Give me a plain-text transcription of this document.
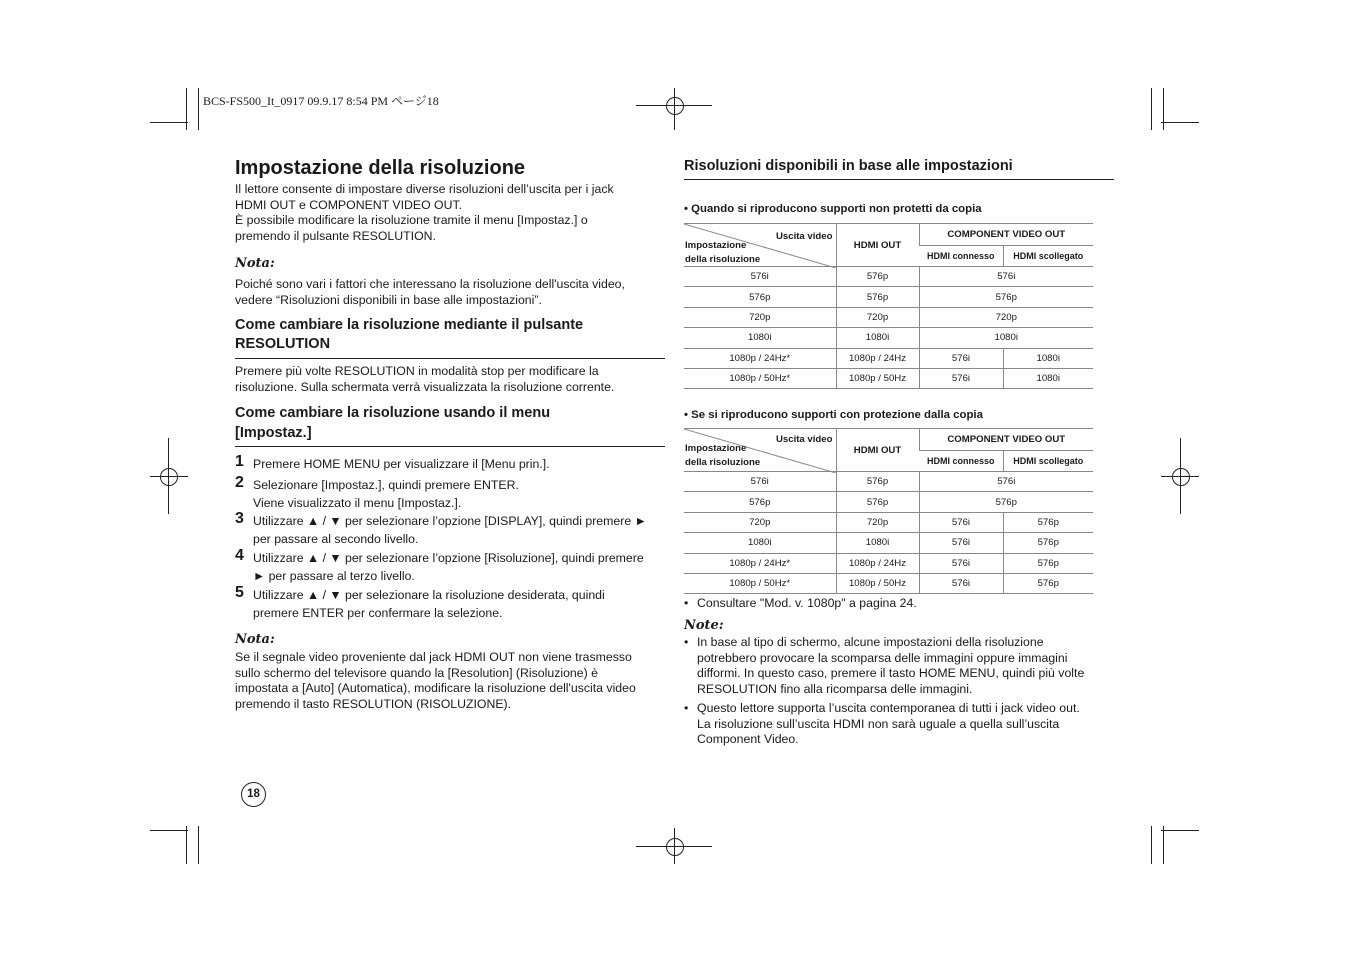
BCS-FS500_It_0917 09.9.17 8:54 PM ページ18
Impostazione della risoluzione

Il lettore consente di impostare diverse risoluzioni dell’uscita per i jack

HDMI OUT e COMPONENT VIDEO OUT.

È possibile modificare la risoluzione tramite il menu [Impostaz.] o

premendo il pulsante RESOLUTION.

Nota:

Poiché sono vari i fattori che interessano la risoluzione dell'uscita video,

vedere “Risoluzioni disponibili in base alle impostazioni”.

Come cambiare la risoluzione mediante il pulsante
RESOLUTION

Premere più volte RESOLUTION in modalità stop per modificare la

risoluzione. Sulla schermata verrà visualizzata la risoluzione corrente.

Come cambiare la risoluzione usando il menu
[Impostaz.]
1 Premere HOME MENU per visualizzare il [Menu prin.].
2 Selezionare [Impostaz.], quindi premere ENTER.
Viene visualizzato il menu [Impostaz.].
3 Utilizzare ▲ / ▼ per selezionare l’opzione [DISPLAY], quindi premere ►
per passare al secondo livello.
4 Utilizzare ▲ / ▼ per selezionare l’opzione [Risoluzione], quindi premere
► per passare al terzo livello.
5 Utilizzare ▲ / ▼ per selezionare la risoluzione desiderata, quindi
premere ENTER per confermare la selezione.
Nota:

Se il segnale video proveniente dal jack HDMI OUT non viene trasmesso

sullo schermo del televisore quando la [Resolution] (Risoluzione) è

impostata a [Auto] (Automatica), modificare la risoluzione dell'uscita video

premendo il tasto RESOLUTION (RISOLUZIONE).

18
Risoluzioni disponibili in base alle impostazioni
• Quando si riproducono supporti non protetti da copia
Uscita video
Impostazione
della risoluzione	HDMI OUT	COMPONENT VIDEO OUT	
		HDMI connesso	HDMI scollegato
576i	576p	576i	
576p	576p	576p	
720p	720p	720p	
1080i	1080i	1080i	
1080p / 24Hz*	1080p / 24Hz	576i	1080i
1080p / 50Hz*	1080p / 50Hz	576i	1080i
• Se si riproducono supporti con protezione dalla copia
Uscita video
Impostazione
della risoluzione	HDMI OUT	COMPONENT VIDEO OUT	
		HDMI connesso	HDMI scollegato
576i	576p	576i	
576p	576p	576p	
720p	720p	576i	576p
1080i	1080i	576i	576p
1080p / 24Hz*	1080p / 24Hz	576i	576p
1080p / 50Hz*	1080p / 50Hz	576i	576p
• Consultare "Mod. v. 1080p" a pagina 24.
Note:
• In base al tipo di schermo, alcune impostazioni della risoluzione
potrebbero provocare la scomparsa delle immagini oppure immagini
difformi. In questo caso, premere il tasto HOME MENU, quindi più volte
RESOLUTION fino alla ricomparsa delle immagini.
• Questo lettore supporta l’uscita contemporanea di tutti i jack video out.
La risoluzione sull’uscita HDMI non sarà uguale a quella sull’uscita
Component Video.
